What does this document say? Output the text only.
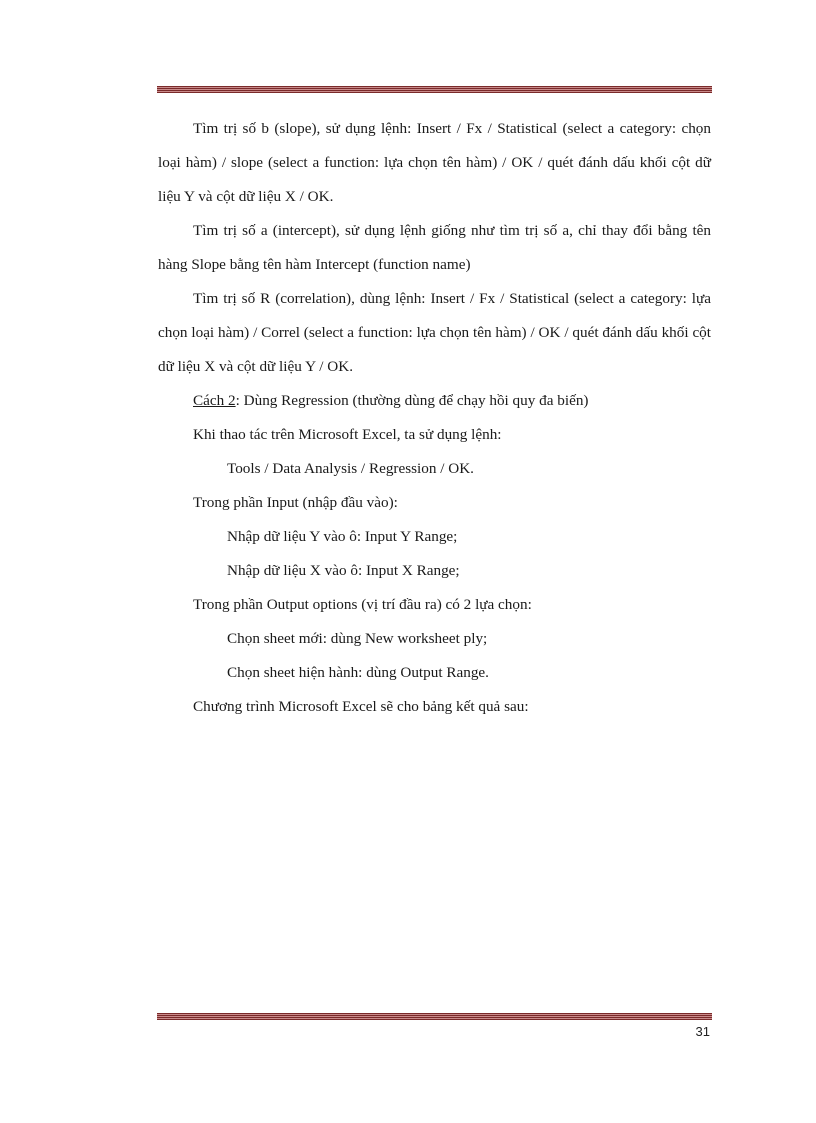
Tìm trị số b (slope), sử dụng lệnh: Insert / Fx / Statistical (select a category: chọn loại hàm) / slope (select a function: lựa chọn tên hàm) / OK / quét đánh dấu khối cột dữ liệu Y và cột dữ liệu X / OK.

Tìm trị số a (intercept), sử dụng lệnh giống như tìm trị số a, chỉ thay đổi bằng tên hàng Slope bằng tên hàm Intercept (function name)

Tìm trị số R (correlation), dùng lệnh: Insert / Fx / Statistical (select a category: lựa chọn loại hàm) / Correl (select a function: lựa chọn tên hàm) / OK / quét đánh dấu khối cột dữ liệu X và cột dữ liệu Y / OK.

Cách 2: Dùng Regression (thường dùng để chạy hồi quy đa biến)

Khi thao tác trên Microsoft Excel, ta sử dụng lệnh:

Tools / Data Analysis / Regression / OK.

Trong phần Input (nhập đầu vào):

Nhập dữ liệu Y vào ô: Input Y Range;

Nhập dữ liệu X vào ô: Input X Range;

Trong phần Output options (vị trí đầu ra) có 2 lựa chọn:

Chọn sheet mới: dùng New worksheet ply;

Chọn sheet hiện hành: dùng Output Range.

Chương trình Microsoft Excel sẽ cho bảng kết quả sau:

31
